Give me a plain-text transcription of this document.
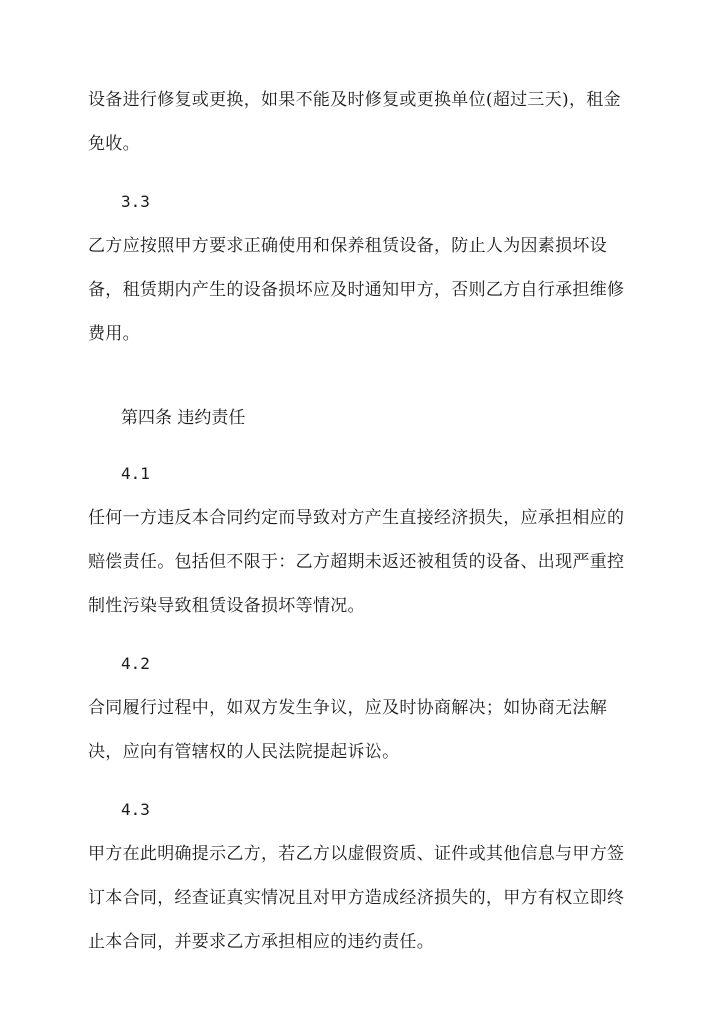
设备进行修复或更换，如果不能及时修复或更换单位(超过三天)，租金免收。

3.3

乙方应按照甲方要求正确使用和保养租赁设备，防止人为因素损坏设备，租赁期内产生的设备损坏应及时通知甲方，否则乙方自行承担维修费用。

第四条 违约责任

4.1

任何一方违反本合同约定而导致对方产生直接经济损失，应承担相应的赔偿责任。包括但不限于：乙方超期未返还被租赁的设备、出现严重控制性污染导致租赁设备损坏等情况。

4.2

合同履行过程中，如双方发生争议，应及时协商解决；如协商无法解决，应向有管辖权的人民法院提起诉讼。

4.3

甲方在此明确提示乙方，若乙方以虚假资质、证件或其他信息与甲方签订本合同，经查证真实情况且对甲方造成经济损失的，甲方有权立即终止本合同，并要求乙方承担相应的违约责任。
